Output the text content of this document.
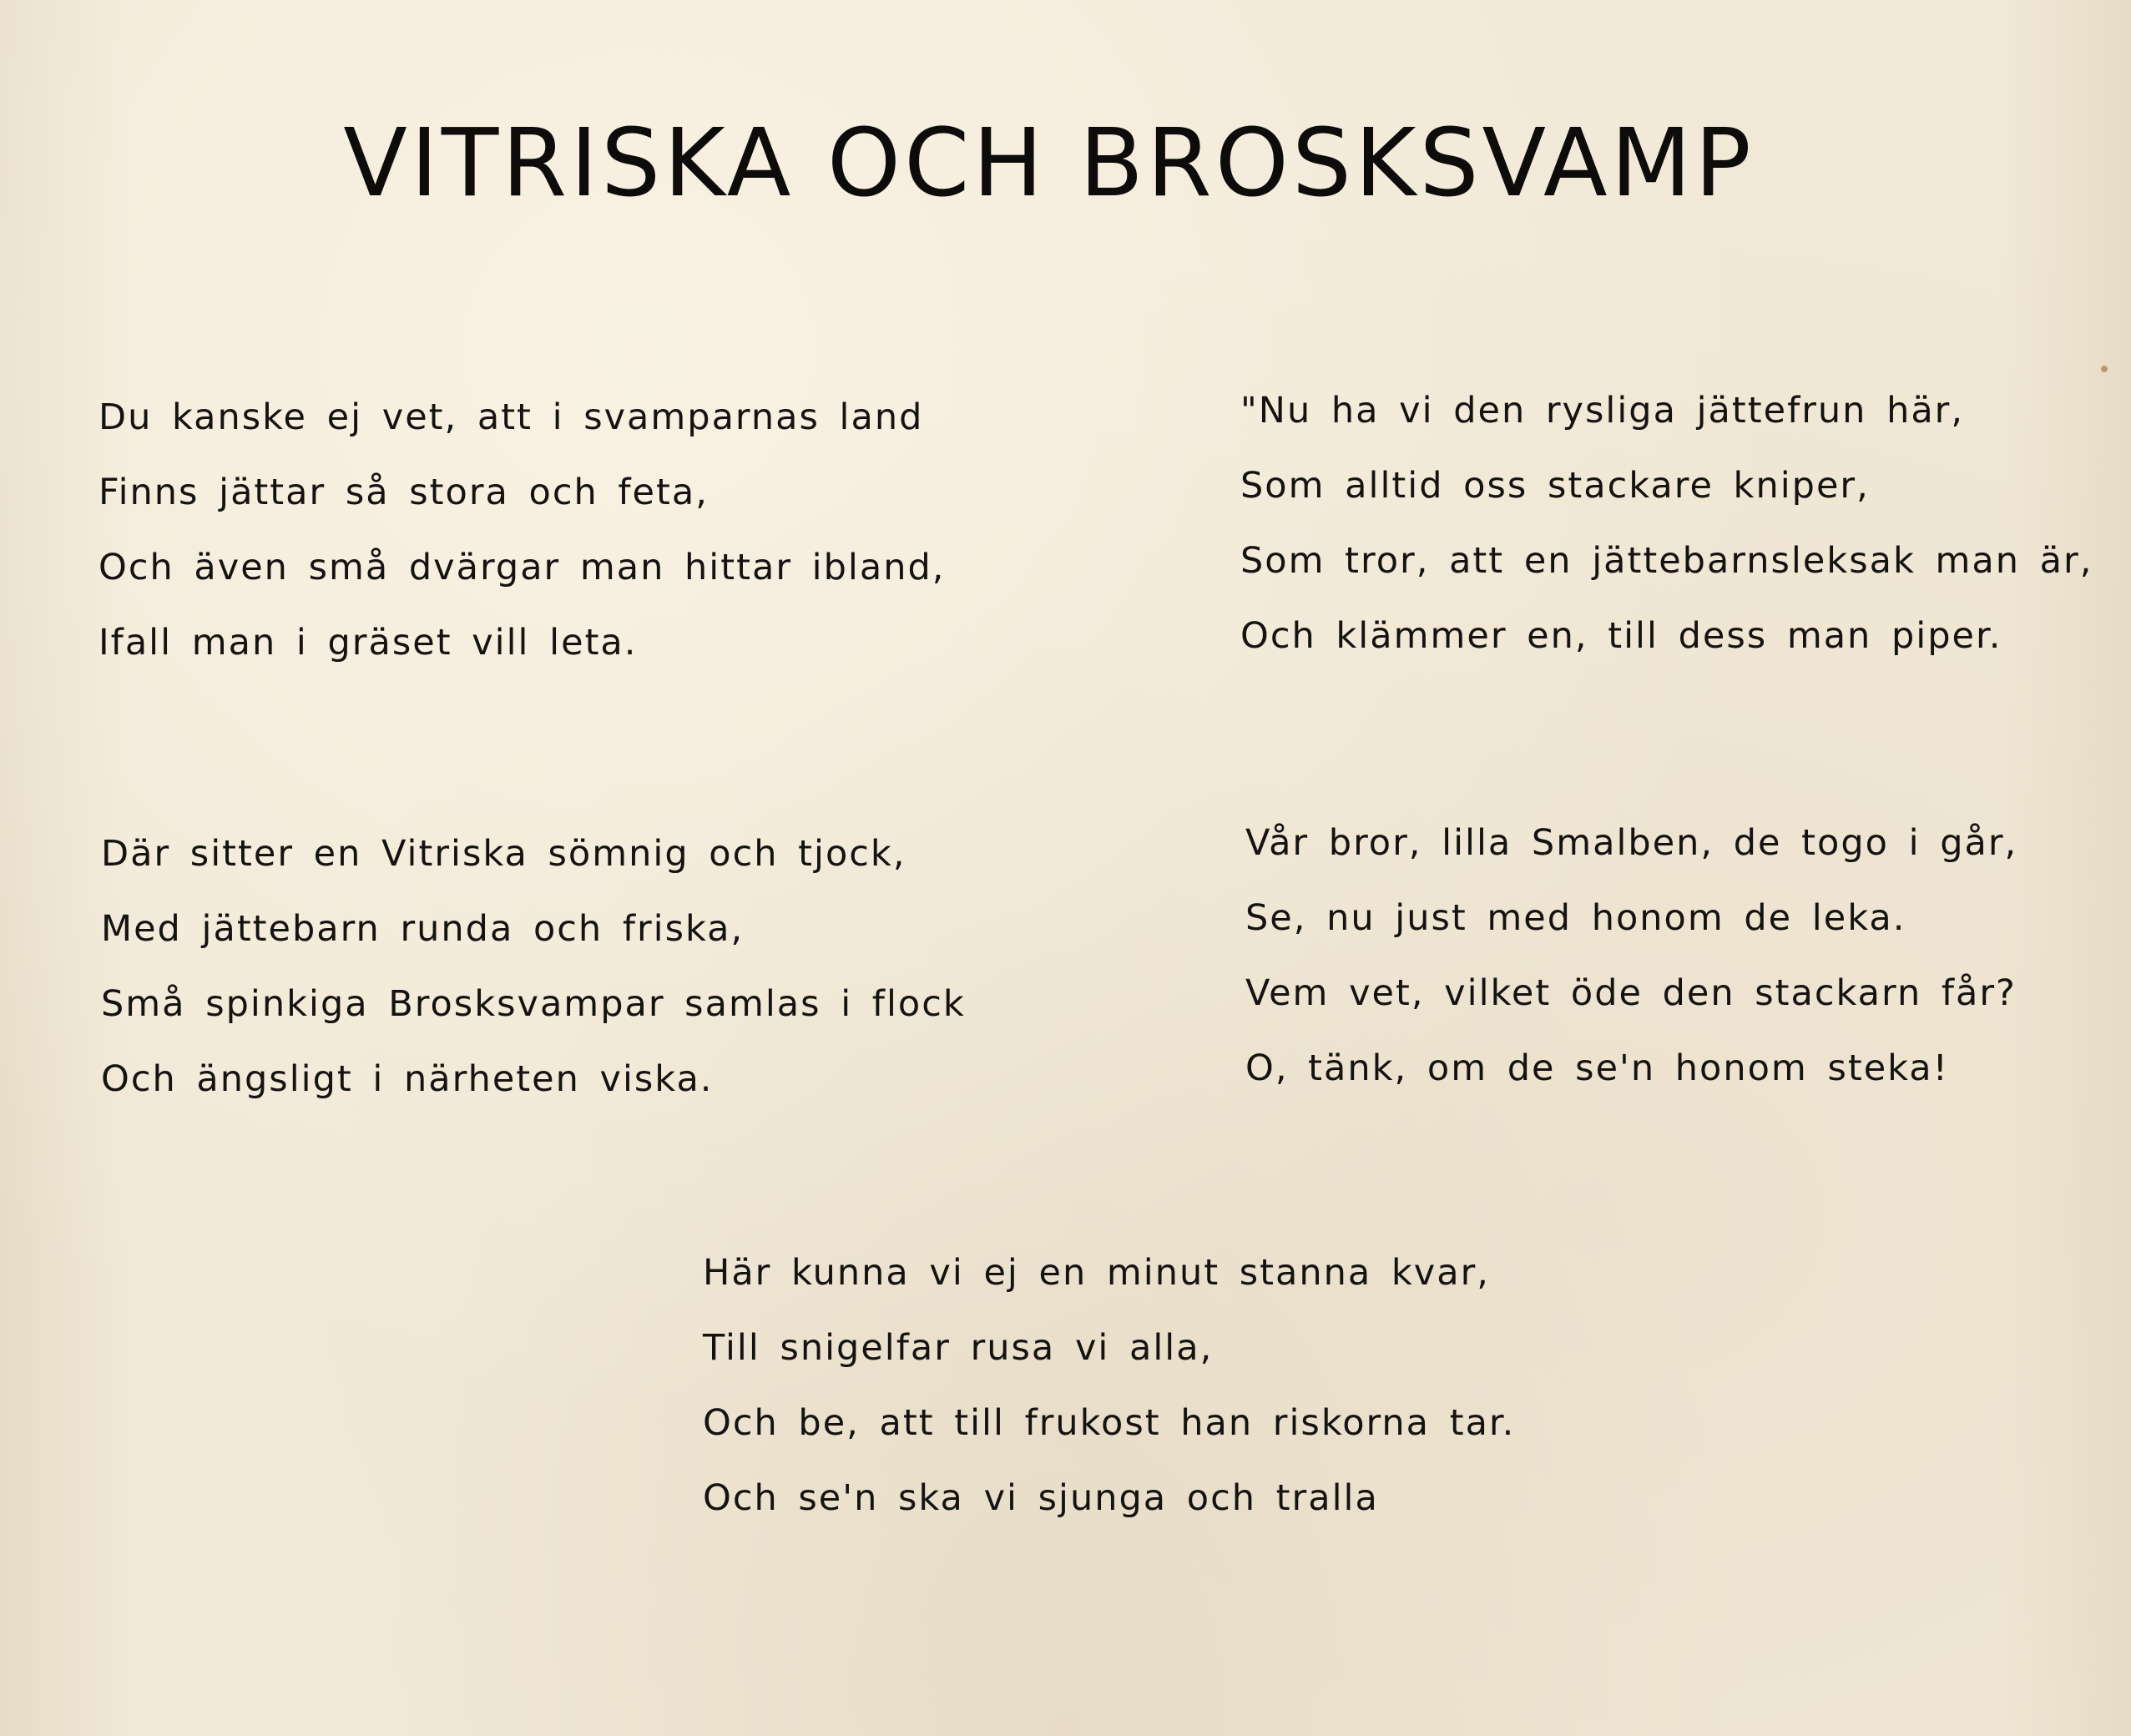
VITRISKA OCH BROSKSVAMP
Du kanske ej vet, att i svamparnas land
Finns jättar så stora och feta,
Och även små dvärgar man hittar ibland,
Ifall man i gräset vill leta.
"Nu ha vi den rysliga jättefrun här,
Som alltid oss stackare kniper,
Som tror, att en jättebarnsleksak man är,
Och klämmer en, till dess man piper.
Där sitter en Vitriska sömnig och tjock,
Med jättebarn runda och friska,
Små spinkiga Brosksvampar samlas i flock
Och ängsligt i närheten viska.
Vår bror, lilla Smalben, de togo i går,
Se, nu just med honom de leka.
Vem vet, vilket öde den stackarn får?
O, tänk, om de se'n honom steka!
Här kunna vi ej en minut stanna kvar,
Till snigelfar rusa vi alla,
Och be, att till frukost han riskorna tar.
Och se'n ska vi sjunga och tralla
